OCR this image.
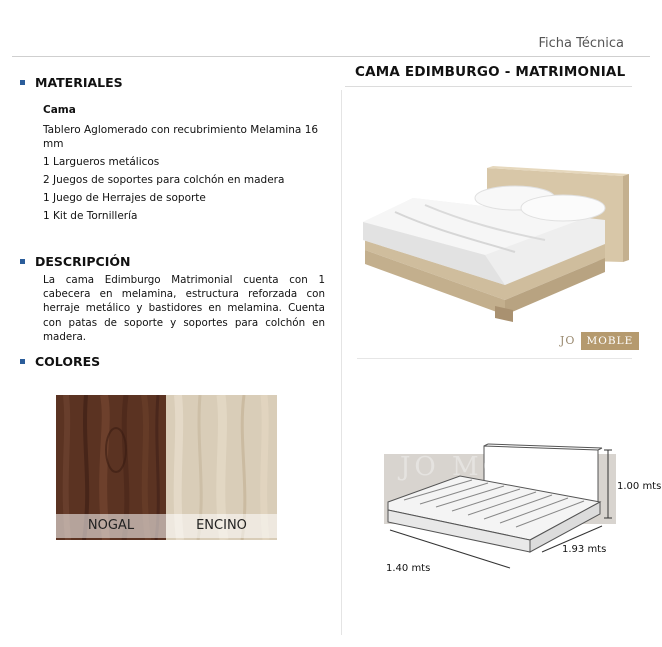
Ficha Técnica
MATERIALES
Cama
Tablero Aglomerado con recubrimiento Melamina 16 mm
1 Largueros metálicos
2 Juegos de soportes para colchón en madera
1 Juego de Herrajes de soporte
1 Kit de Tornillería
DESCRIPCIÓN
La cama Edimburgo Matrimonial cuenta con 1 cabecera en melamina, estructura reforzada con herraje metálico y bastidores en melamina. Cuenta con patas de soporte y soportes para colchón en madera.
COLORES
NOGAL	ENCINO
CAMA EDIMBURGO - MATRIMONIAL
JO MOBLE
JO MOBLE
1.00 mts
1.93 mts
1.40 mts
